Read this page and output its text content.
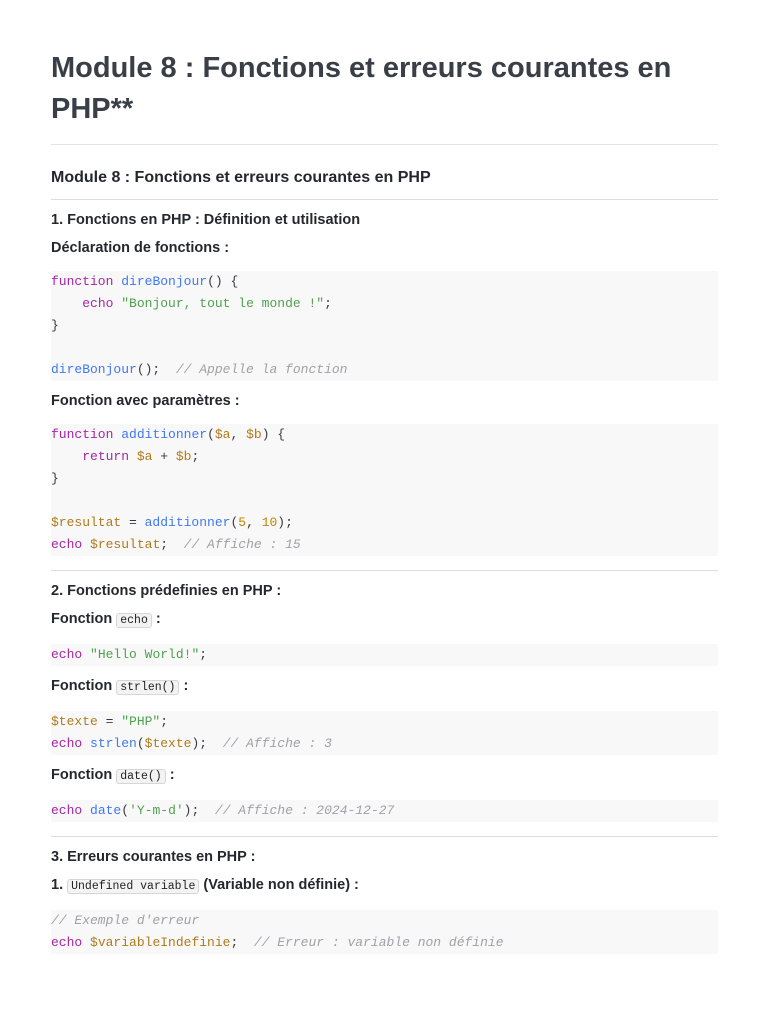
Module 8 : Fonctions et erreurs courantes en PHP**
Module 8 : Fonctions et erreurs courantes en PHP
1. Fonctions en PHP : Définition et utilisation
Déclaration de fonctions :
function direBonjour() {
echo "Bonjour, tout le monde !";
}
direBonjour();  // Appelle la fonction
Fonction avec paramètres :
function additionner($a, $b) {
return $a + $b;
}
$resultat = additionner(5, 10);
echo $resultat;  // Affiche : 15
2. Fonctions prédefinies en PHP :
Fonction echo :
echo "Hello World!";
Fonction strlen() :
$texte = "PHP";
echo strlen($texte);  // Affiche : 3
Fonction date() :
echo date('Y-m-d');  // Affiche : 2024-12-27
3. Erreurs courantes en PHP :
1. Undefined variable (Variable non définie) :
// Exemple d'erreur
echo $variableIndefinie;  // Erreur : variable non définie
